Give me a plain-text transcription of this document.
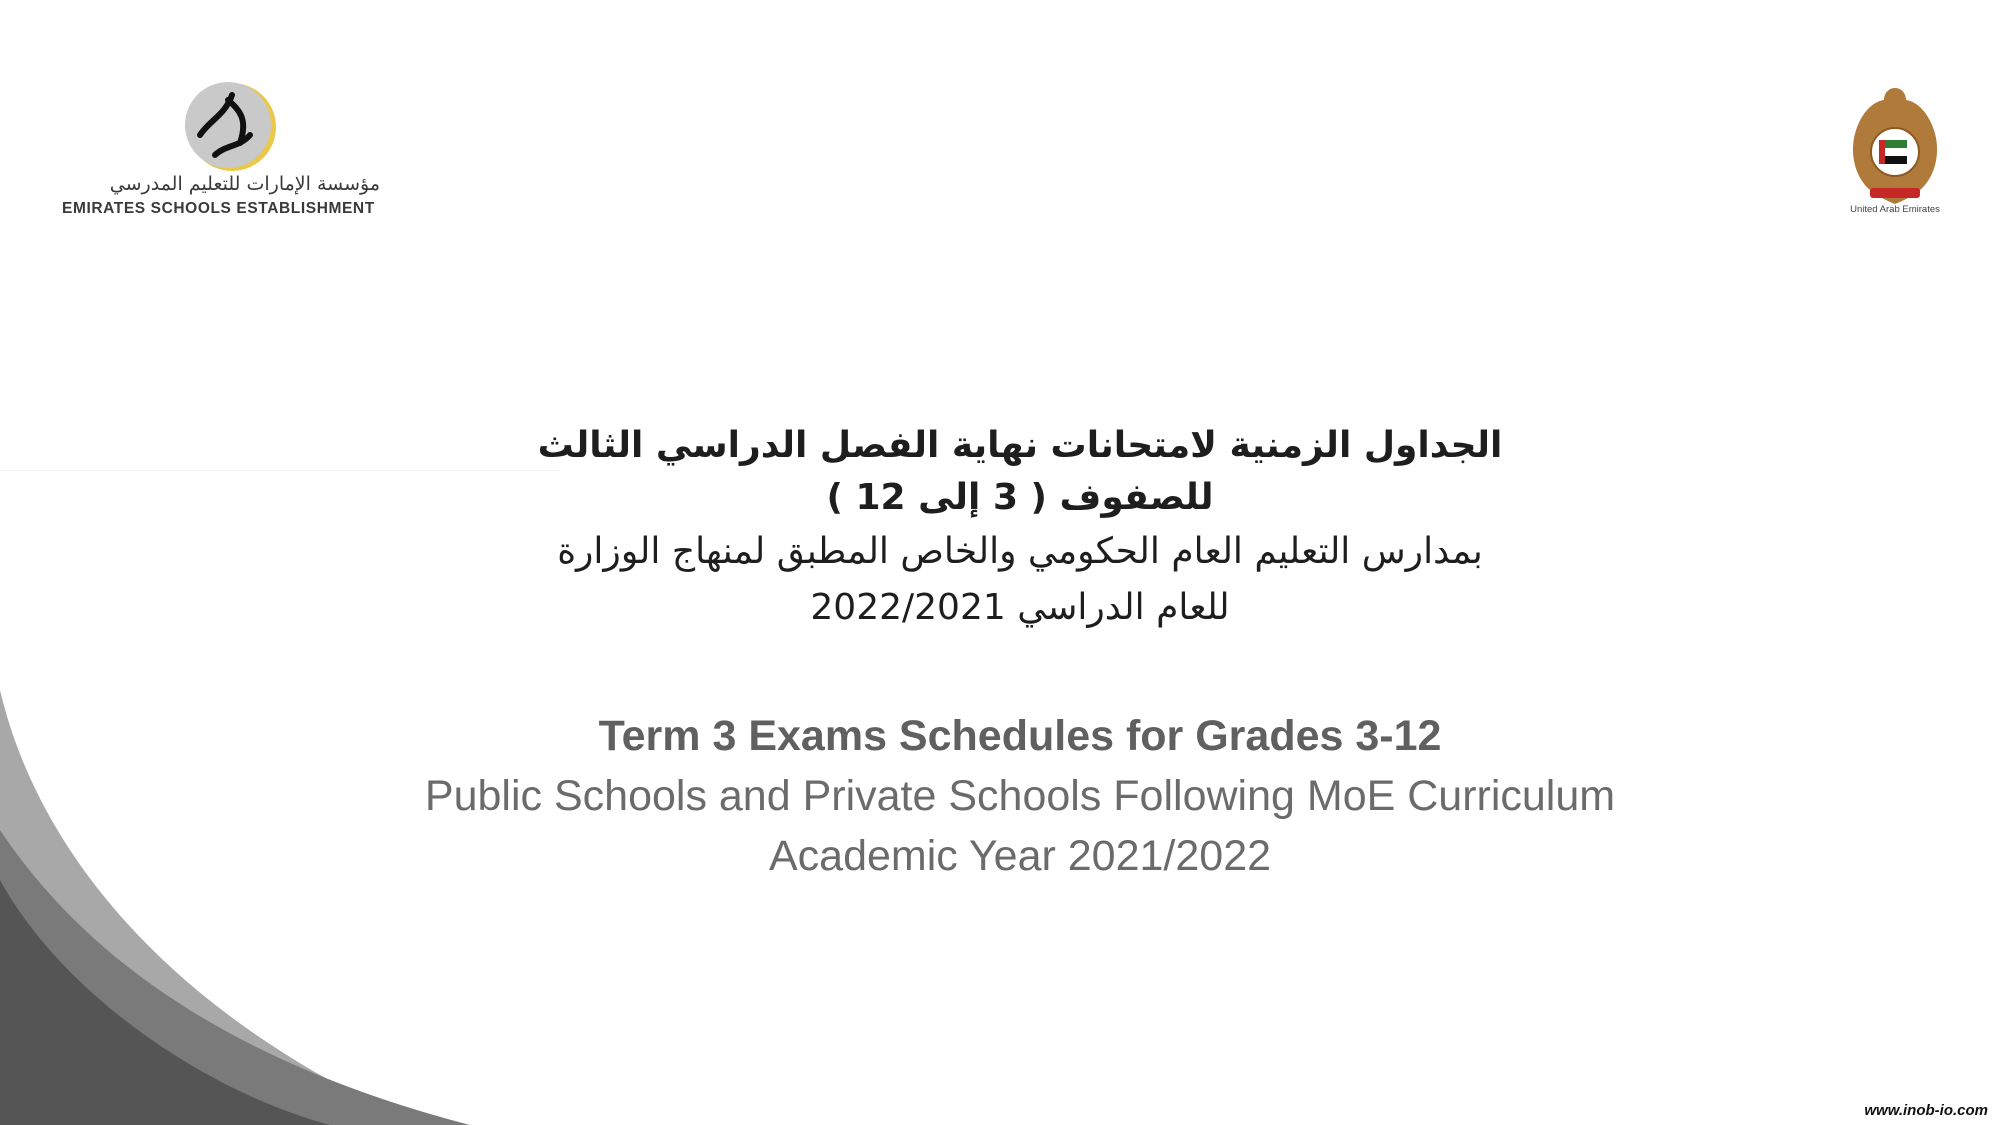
مؤسسة الإمارات للتعليم المدرسي
EMIRATES SCHOOLS ESTABLISHMENT	United Arab Emirates
الجداول الزمنية لامتحانات نهاية الفصل الدراسي الثالث
للصفوف ( 3 إلى 12 )
بمدارس التعليم العام الحكومي والخاص المطبق لمنهاج الوزارة
للعام الدراسي 2022/2021
Term 3 Exams Schedules for Grades 3-12
Public Schools and Private Schools Following MoE Curriculum
Academic Year 2021/2022
www.inob-io.com
